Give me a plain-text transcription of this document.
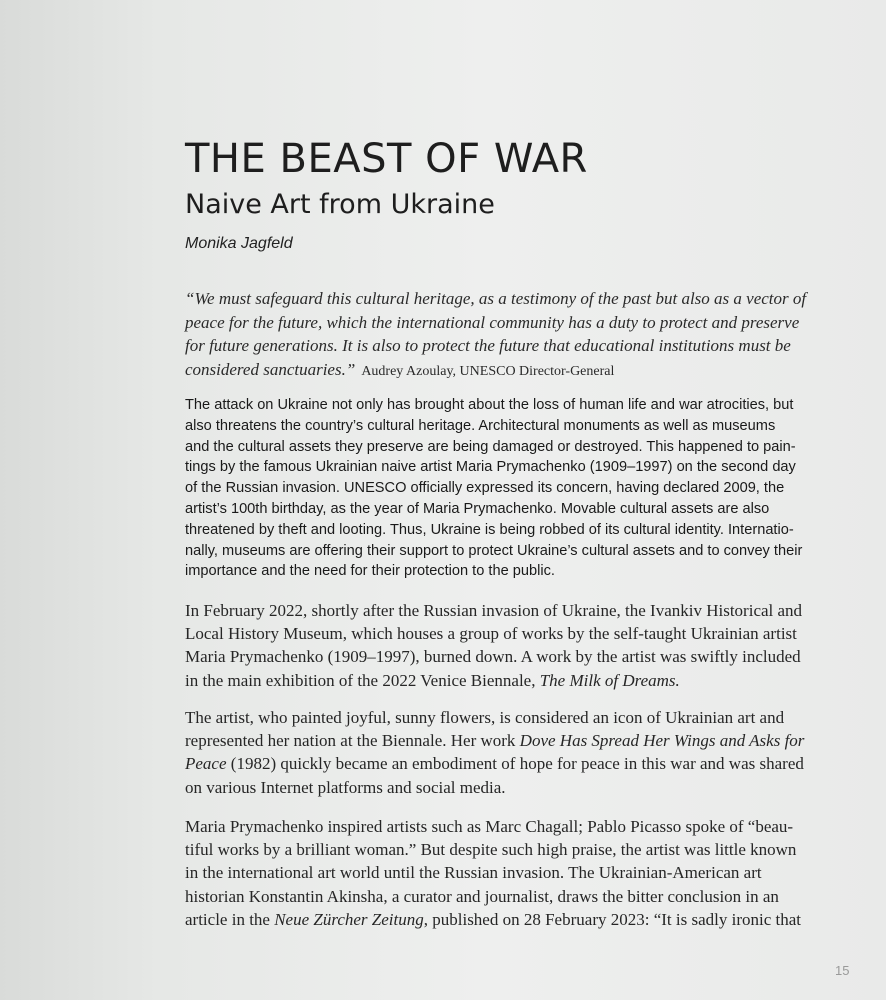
THE BEAST OF WAR
Naive Art from Ukraine

Monika Jagfeld

“We must safeguard this cultural heritage, as a testimony of the past but also as a vector of
peace for the future, which the international community has a duty to protect and preserve
for future generations. It is also to protect the future that educational institutions must be
considered sanctuaries.” Audrey Azoulay, UNESCO Director-General

The attack on Ukraine not only has brought about the loss of human life and war atrocities, but
also threatens the country’s cultural heritage. Architectural monuments as well as museums
and the cultural assets they preserve are being damaged or destroyed. This happened to pain-
tings by the famous Ukrainian naive artist Maria Prymachenko (1909–1997) on the second day
of the Russian invasion. UNESCO officially expressed its concern, having declared 2009, the
artist’s 100th birthday, as the year of Maria Prymachenko. Movable cultural assets are also
threatened by theft and looting. Thus, Ukraine is being robbed of its cultural identity. Internatio-
nally, museums are offering their support to protect Ukraine’s cultural assets and to convey their
importance and the need for their protection to the public.

In February 2022, shortly after the Russian invasion of Ukraine, the Ivankiv Historical and
Local History Museum, which houses a group of works by the self-taught Ukrainian artist
Maria Prymachenko (1909–1997), burned down. A work by the artist was swiftly included
in the main exhibition of the 2022 Venice Biennale, The Milk of Dreams.

The artist, who painted joyful, sunny flowers, is considered an icon of Ukrainian art and
represented her nation at the Biennale. Her work Dove Has Spread Her Wings and Asks for
Peace (1982) quickly became an embodiment of hope for peace in this war and was shared
on various Internet platforms and social media.

Maria Prymachenko inspired artists such as Marc Chagall; Pablo Picasso spoke of “beau-
tiful works by a brilliant woman.” But despite such high praise, the artist was little known
in the international art world until the Russian invasion. The Ukrainian-American art
historian Konstantin Akinsha, a curator and journalist, draws the bitter conclusion in an
article in the Neue Zürcher Zeitung, published on 28 February 2023: “It is sadly ironic that

15
